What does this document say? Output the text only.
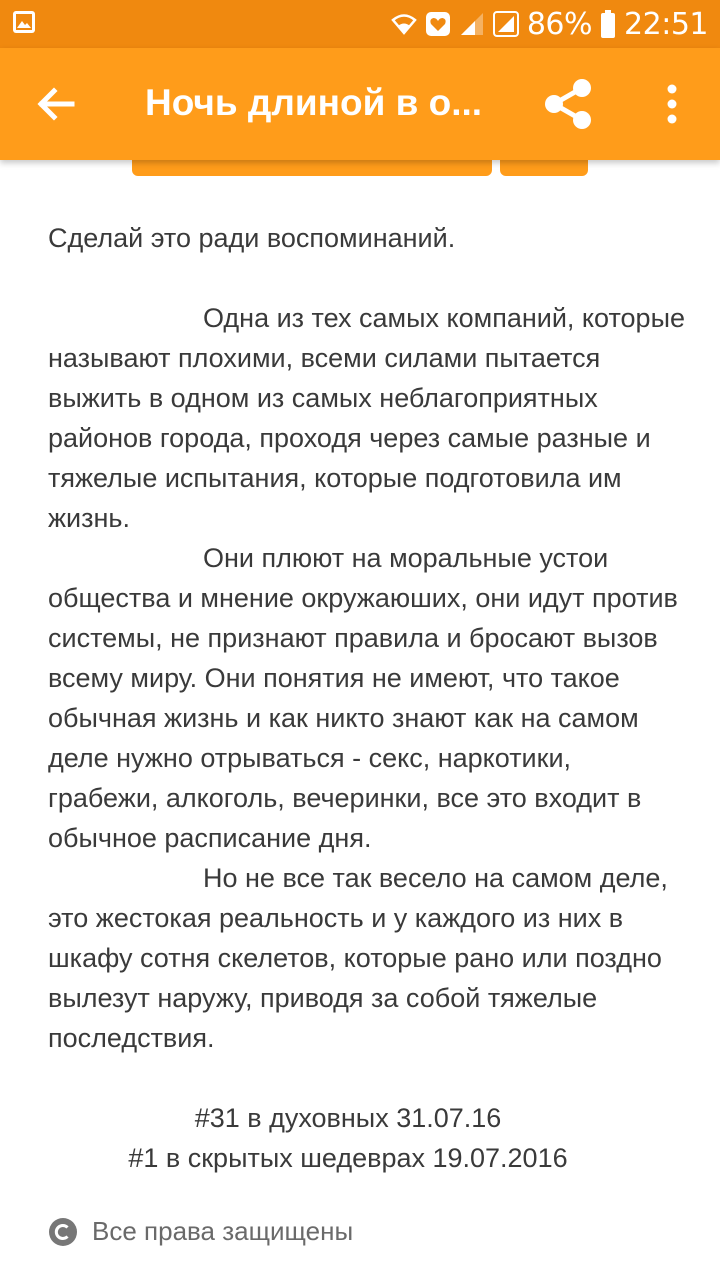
86% 22:51
Ночь длиной в о...

Сделай это ради воспоминаний.

Одна из тех самых компаний, которые называют плохими, всеми силами пытается выжить в одном из самых неблагоприятных районов города, проходя через самые разные и тяжелые испытания, которые подготовила им жизнь.

Они плюют на моральные устои общества и мнение окружаюших, они идут против системы, не признают правила и бросают вызов всему миру. Они понятия не имеют, что такое обычная жизнь и как никто знают как на самом деле нужно отрываться - секс, наркотики, грабежи, алкоголь, вечеринки, все это входит в обычное расписание дня.

Но не все так весело на самом деле, это жестокая реальность и у каждого из них в шкафу сотня скелетов, которые рано или поздно вылезут наружу, приводя за собой тяжелые последствия.

#31 в духовных 31.07.16

#1 в скрытых шедеврах 19.07.2016

Все права защищены
